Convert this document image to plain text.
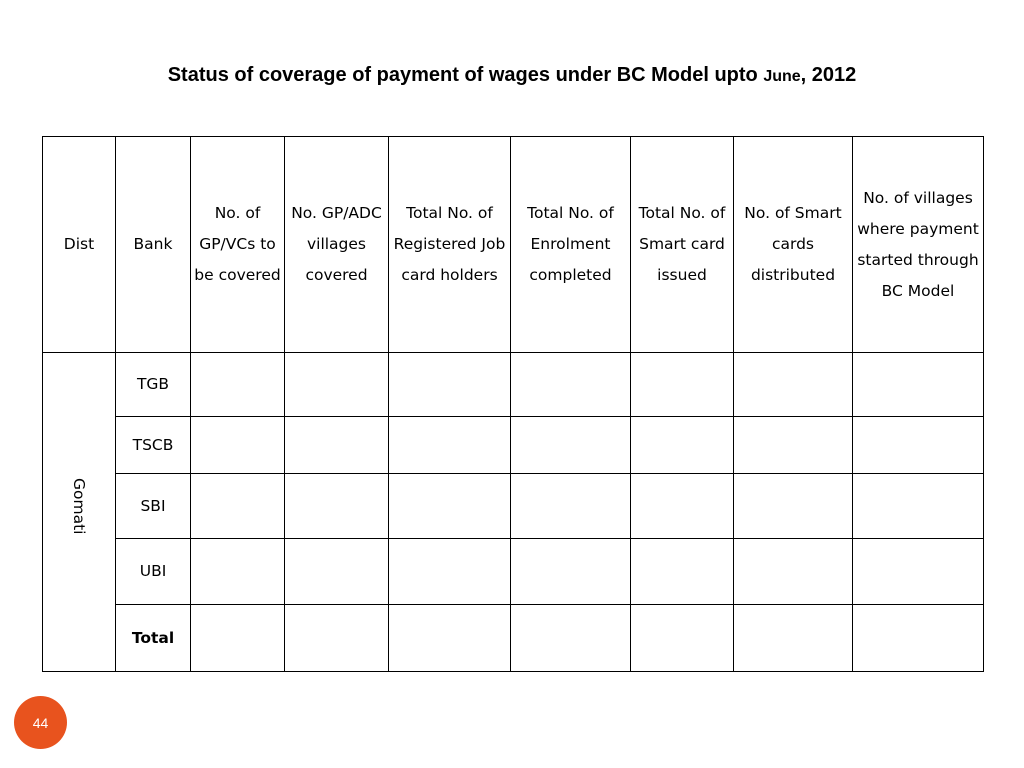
Status of coverage of payment of wages under BC Model upto June, 2012
Dist	Bank	No. of GP/VCs to be covered	No. GP/ADC villages covered	Total No. of Registered Job card holders	Total No. of Enrolment completed	Total No. of Smart card issued	No. of Smart cards distributed	No. of villages where payment started through BC Model

Gomati	TGB							
	TSCB							
	SBI							
	UBI							
	Total							
44
